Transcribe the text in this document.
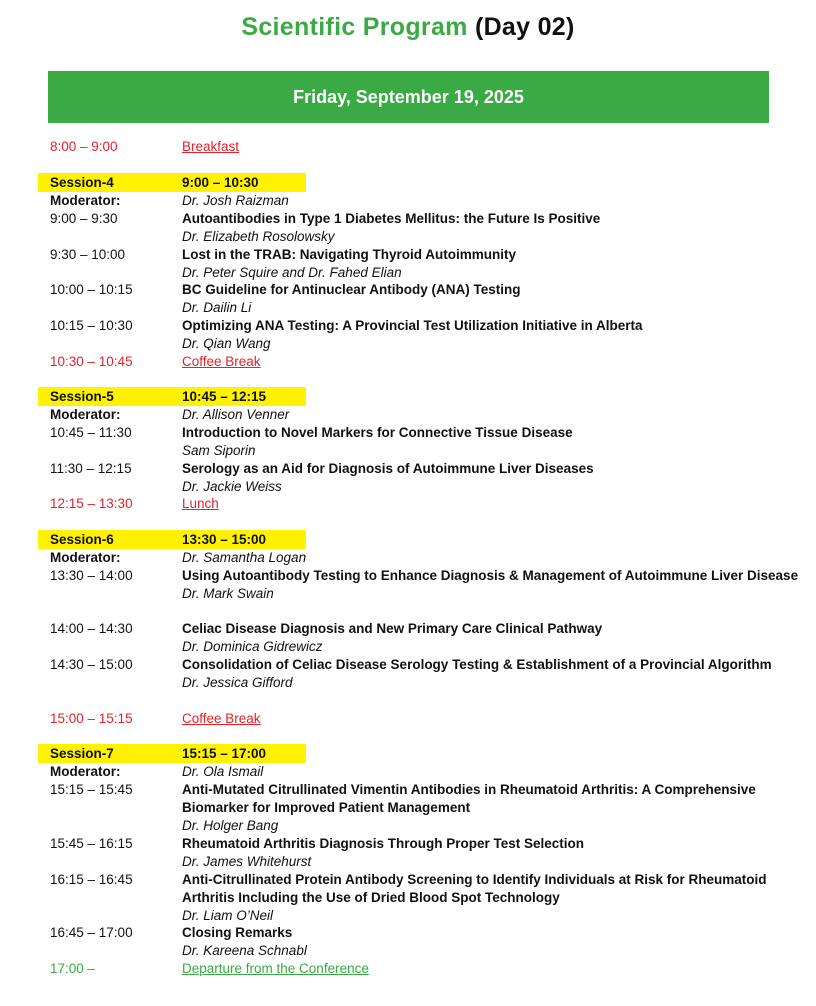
Scientific Program (Day 02)
Friday, September 19, 2025
8:00 – 9:00	Breakfast
Session-4	9:00 – 10:30
Moderator:	Dr. Josh Raizman
9:00 – 9:30	Autoantibodies in Type 1 Diabetes Mellitus: the Future Is Positive
Dr. Elizabeth Rosolowsky
9:30 – 10:00	Lost in the TRAB: Navigating Thyroid Autoimmunity
Dr. Peter Squire and Dr. Fahed Elian
10:00 – 10:15	BC Guideline for Antinuclear Antibody (ANA) Testing
Dr. Dailin Li
10:15 – 10:30	Optimizing ANA Testing: A Provincial Test Utilization Initiative in Alberta
Dr. Qian Wang
10:30 – 10:45	Coffee Break
Session-5	10:45 – 12:15
Moderator:	Dr. Allison Venner
10:45 – 11:30	Introduction to Novel Markers for Connective Tissue Disease
Sam Siporin
11:30 – 12:15	Serology as an Aid for Diagnosis of Autoimmune Liver Diseases
Dr. Jackie Weiss
12:15 – 13:30	Lunch
Session-6	13:30 – 15:00
Moderator:	Dr. Samantha Logan
13:30 – 14:00	Using Autoantibody Testing to Enhance Diagnosis & Management of Autoimmune Liver Disease
Dr. Mark Swain
14:00 – 14:30	Celiac Disease Diagnosis and New Primary Care Clinical Pathway
Dr. Dominica Gidrewicz
14:30 – 15:00	Consolidation of Celiac Disease Serology Testing & Establishment of a Provincial Algorithm
Dr. Jessica Gifford
15:00 – 15:15	Coffee Break
Session-7	15:15 – 17:00
Moderator:	Dr. Ola Ismail
15:15 – 15:45	Anti-Mutated Citrullinated Vimentin Antibodies in Rheumatoid Arthritis: A Comprehensive Biomarker for Improved Patient Management
Dr. Holger Bang
15:45 – 16:15	Rheumatoid Arthritis Diagnosis Through Proper Test Selection
Dr. James Whitehurst
16:15 – 16:45	Anti-Citrullinated Protein Antibody Screening to Identify Individuals at Risk for Rheumatoid Arthritis Including the Use of Dried Blood Spot Technology
Dr. Liam O’Neil
16:45 – 17:00	Closing Remarks
Dr. Kareena Schnabl
17:00 –	Departure from the Conference
